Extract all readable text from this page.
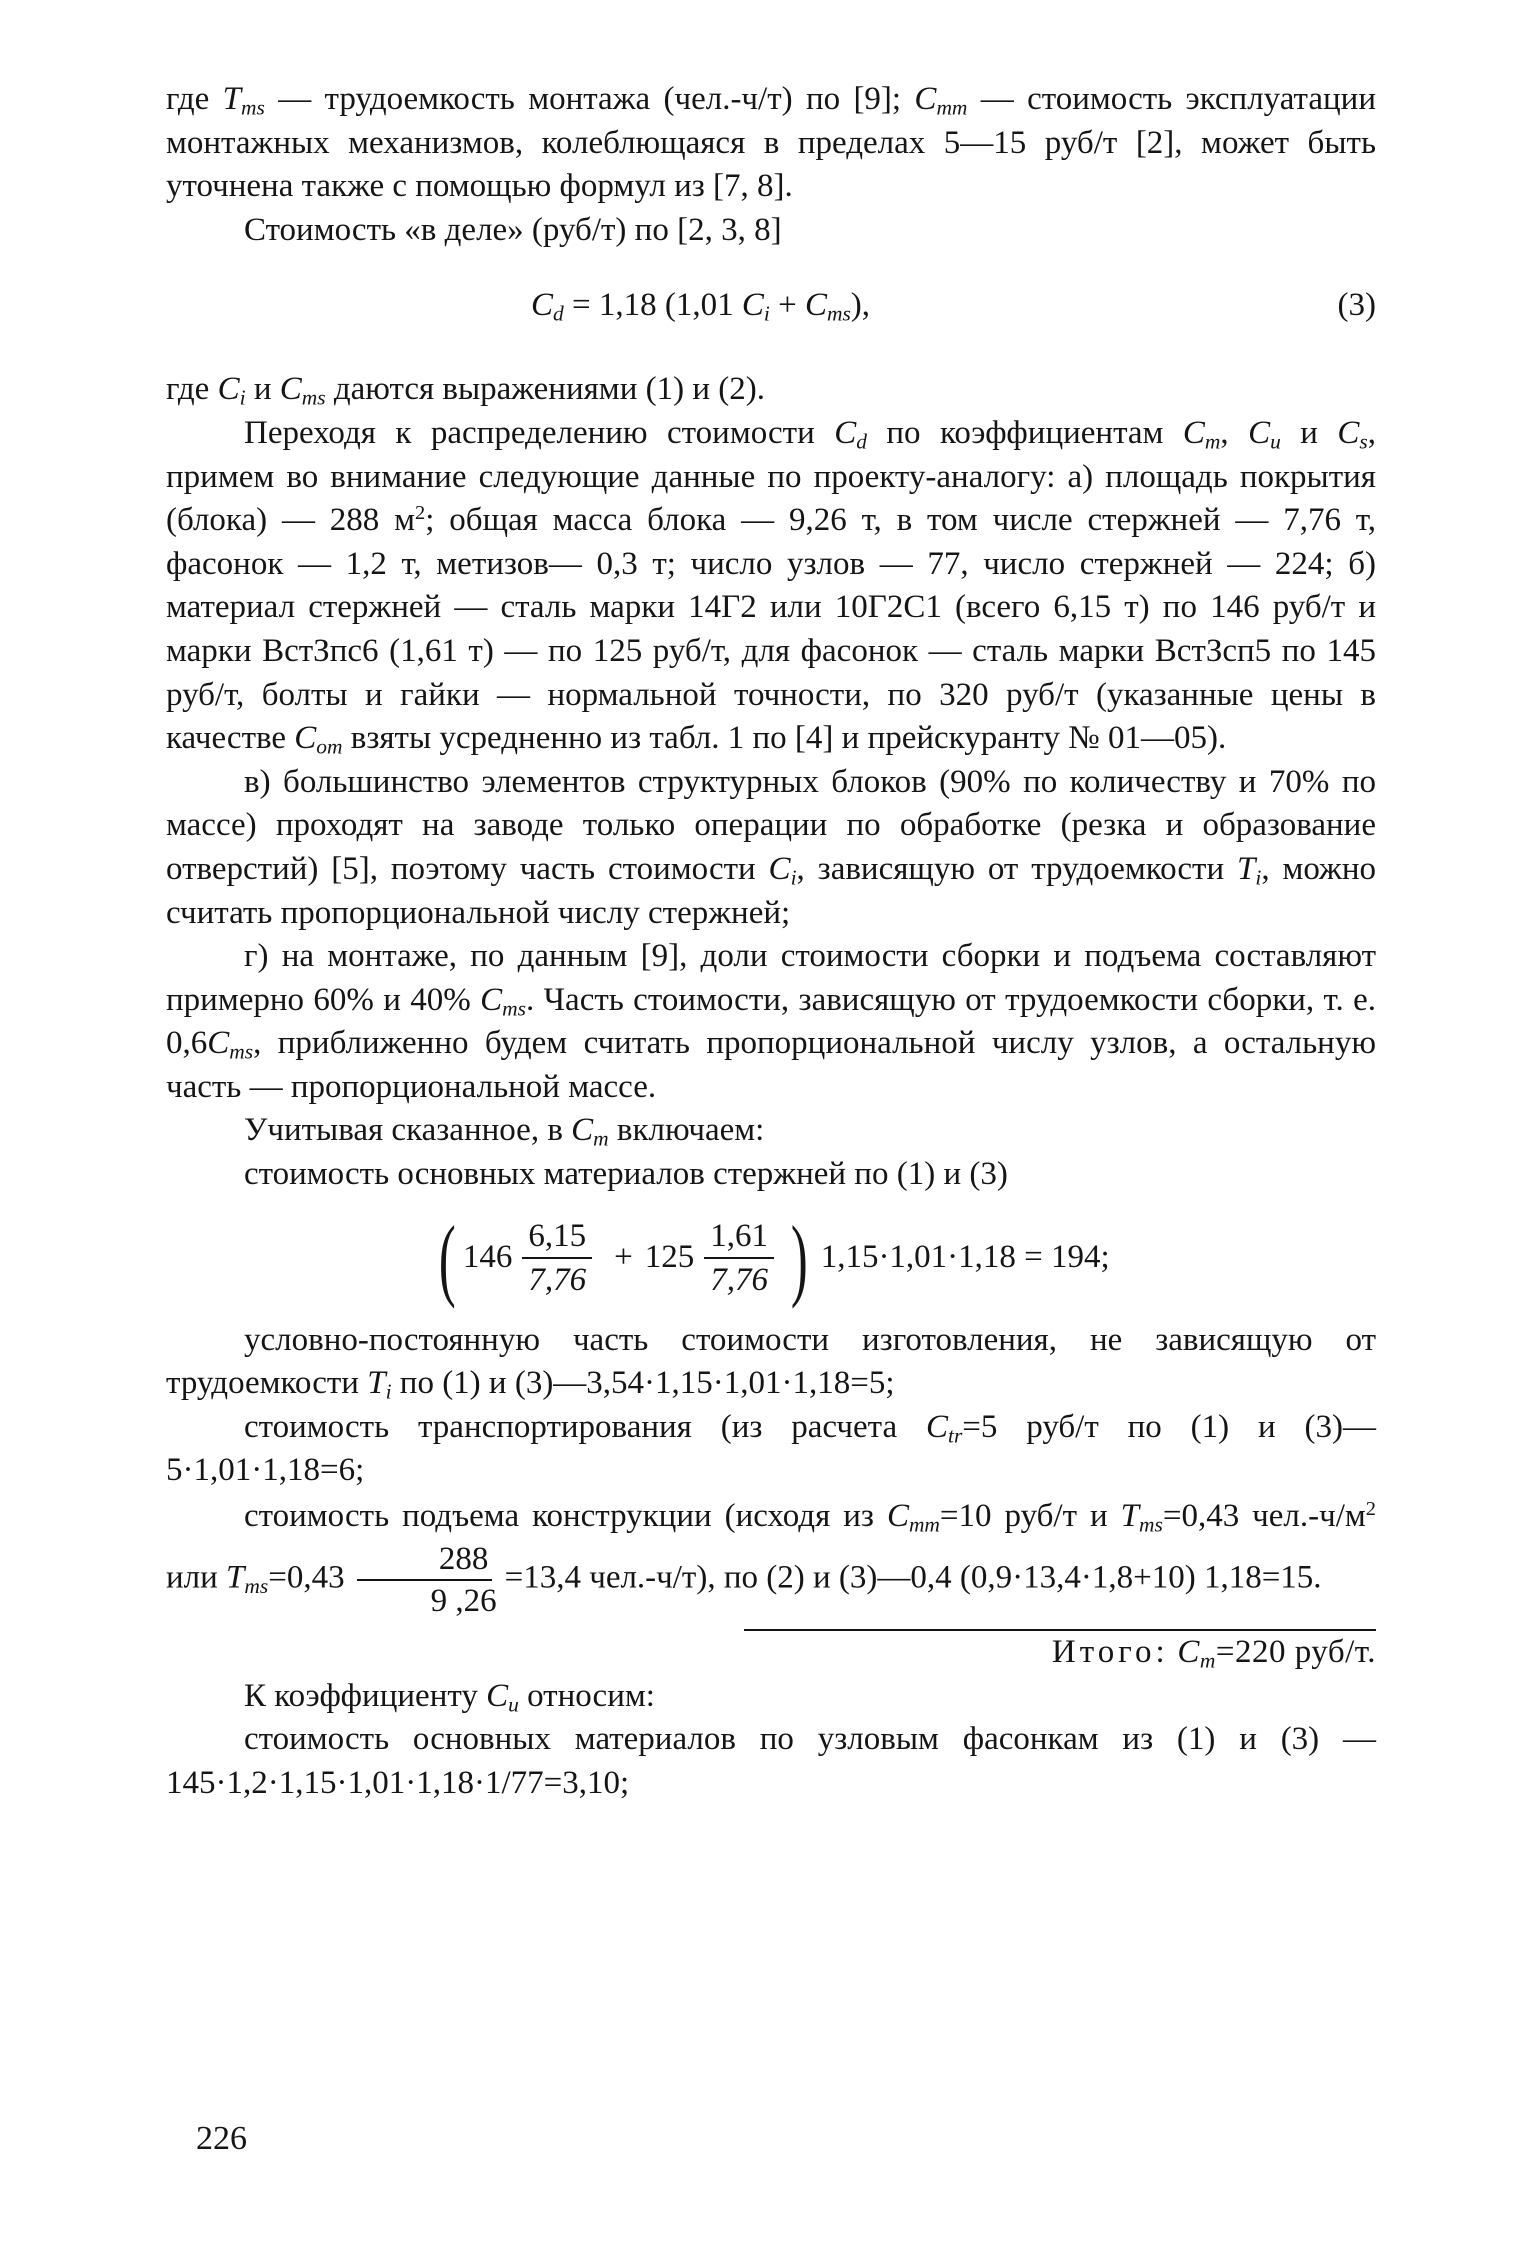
где $T_{ms}$ — трудоемкость монтажа (чел.-ч/т) по [9]; $C_{mm}$ — стоимость эксплуатации монтажных механизмов, колеблющаяся в пределах 5—15 руб/т [2], может быть уточнена также с помощью формул из [7, 8].

Стоимость «в деле» (руб/т) по [2, 3, 8]

$C_d = 1,18$ (1,01 $C_i + C_{ms}$),	(3)

где $C_i$ и $C_{ms}$ даются выражениями (1) и (2).

Переходя к распределению стоимости $C_d$ по коэффициентам $C_m$, $C_u$ и $C_s$, примем во внимание следующие данные по проекту-аналогу: а) площадь покрытия (блока) — 288 $м^2$; общая масса блока — 9,26 т, в том числе стержней — 7,76 т, фасонок — 1,2 т, метизов— 0,3 т; число узлов — 77, число стержней — 224; б) материал стержней — сталь марки 14Г2 или 10Г2С1 (всего 6,15 т) по 146 руб/т и марки ВстЗпс6 (1,61 т) — по 125 руб/т, для фасонок — сталь марки ВстЗсп5 по 145 руб/т, болты и гайки — нормальной точности, по 320 руб/т (указанные цены в качестве $C_{om}$ взяты усредненно из табл. 1 по [4] и прейскуранту № 01—05).

в) большинство элементов структурных блоков (90% по количеству и 70% по массе) проходят на заводе только операции по обработке (резка и образование отверстий) [5], поэтому часть стоимости $C_i$, зависящую от трудоемкости $T_i$, можно считать пропорциональной числу стержней;

г) на монтаже, по данным [9], доли стоимости сборки и подъема составляют примерно 60% и 40% $C_{ms}$. Часть стоимости, зависящую от трудоемкости сборки, т. е. $0,6C_{ms}$, приближенно будем считать пропорциональной числу узлов, а остальную часть — пропорциональной массе.

Учитывая сказанное, в $C_m$ включаем:

стоимость основных материалов стержней по (1) и (3)

( $146 \frac{6,15}{7,76} + 125 \frac{1,61}{7,76}$ ) 1,15·1,01·1,18 = 194;

условно-постоянную часть стоимости изготовления, не зависящую от трудоемкости $T_i$ по (1) и (3)—3,54·1,15·1,01·1,18=5;

стоимость транспортирования (из расчета $C_{tr}=5$ руб/т по (1) и (3)—5·1,01·1,18=6;

стоимость подъема конструкции (исходя из $C_{mm}=10$ руб/т и $T_{ms}=0,43$ $чел.-ч/м^2$ или $T_{ms}=0,43 \frac{288}{9 ,26} =13,4$ чел.-ч/т), по (2) и (3)—0,4 (0,9·13,4·1,8+10) 1,18=15.

Итого: $C_m=220$ руб/т.

К коэффициенту $C_u$ относим:

стоимость основных материалов по узловым фасонкам из (1) и (3) — 145·1,2·1,15·1,01·1,18·1/77=3,10;

226
